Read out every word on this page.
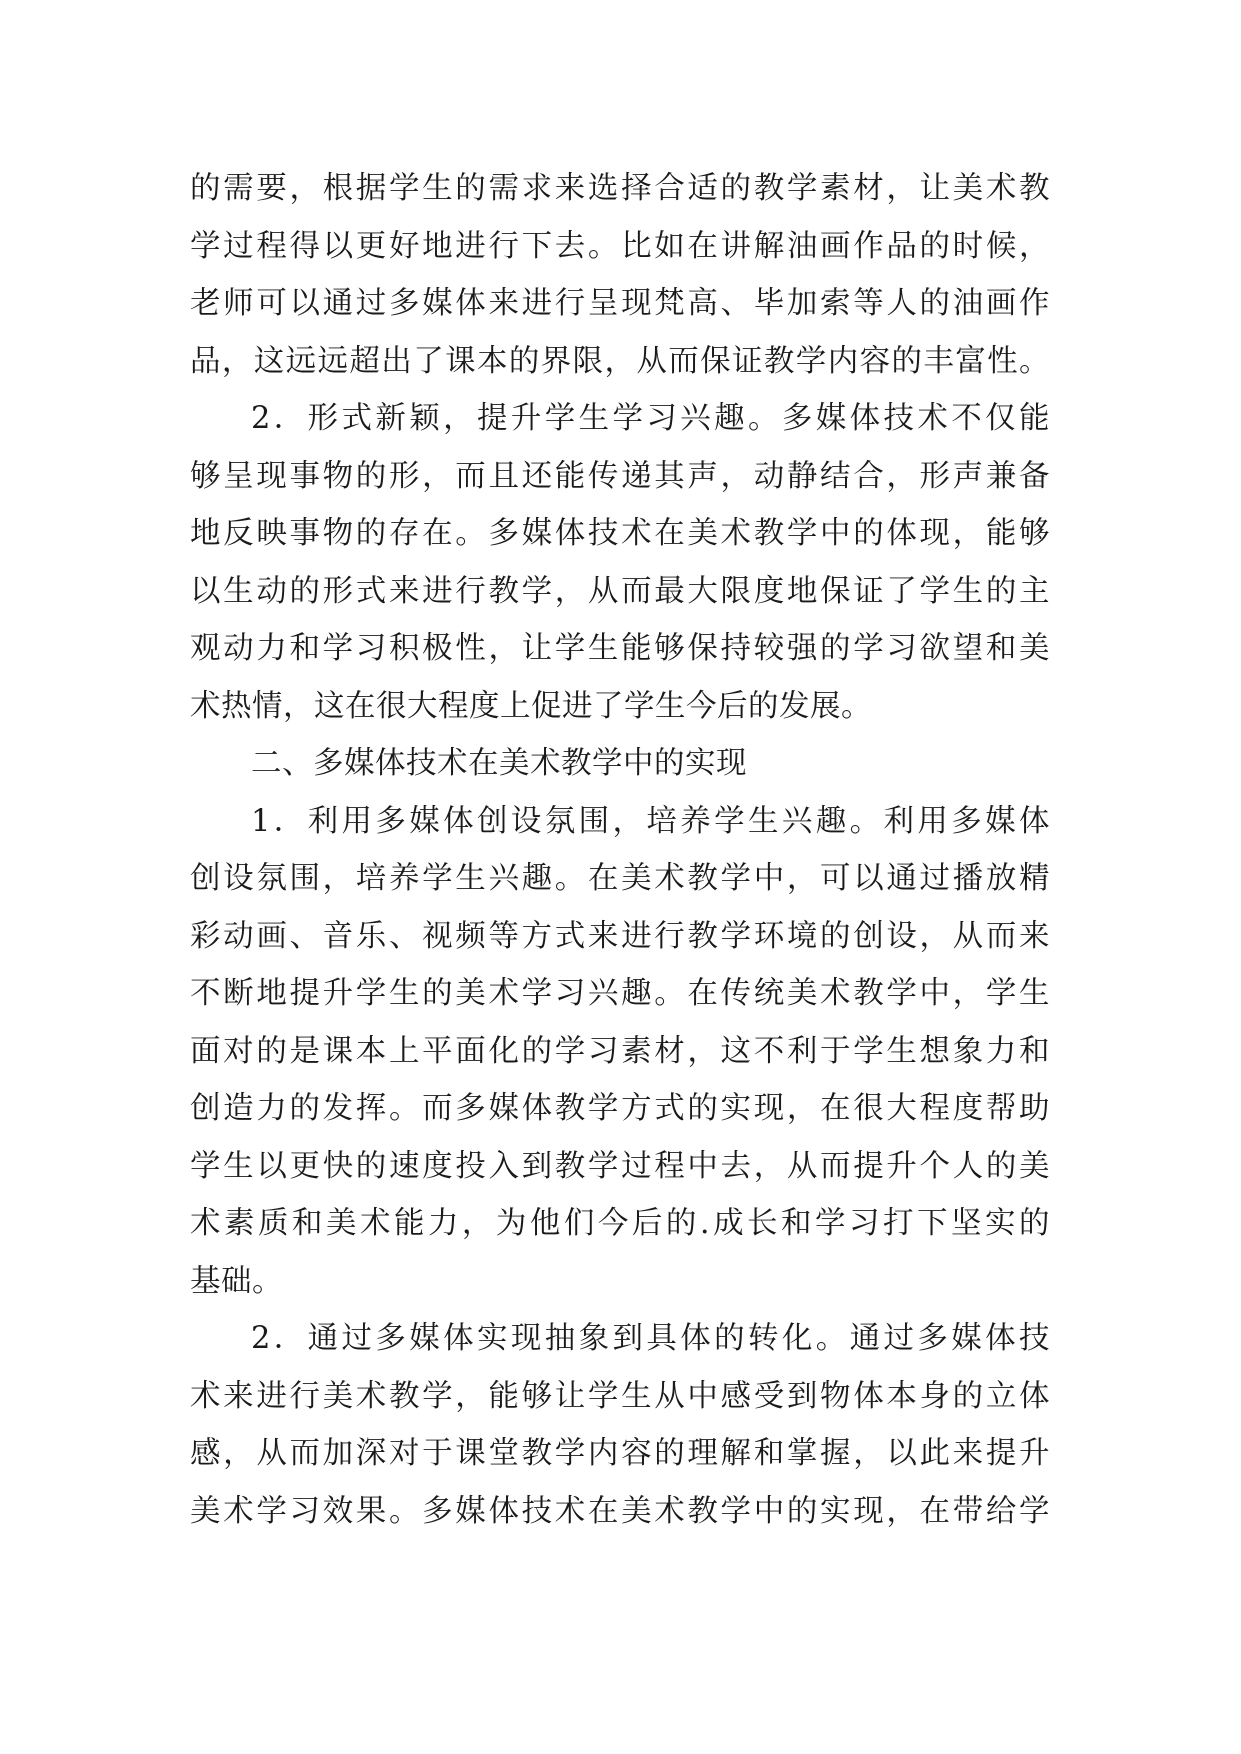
的需要，根据学生的需求来选择合适的教学素材，让美术教
学过程得以更好地进行下去。比如在讲解油画作品的时候，
老师可以通过多媒体来进行呈现梵高、毕加索等人的油画作
品，这远远超出了课本的界限，从而保证教学内容的丰富性。
2．形式新颖，提升学生学习兴趣。多媒体技术不仅能
够呈现事物的形，而且还能传递其声，动静结合，形声兼备
地反映事物的存在。多媒体技术在美术教学中的体现，能够
以生动的形式来进行教学，从而最大限度地保证了学生的主
观动力和学习积极性，让学生能够保持较强的学习欲望和美
术热情，这在很大程度上促进了学生今后的发展。
二、多媒体技术在美术教学中的实现
1．利用多媒体创设氛围，培养学生兴趣。利用多媒体
创设氛围，培养学生兴趣。在美术教学中，可以通过播放精
彩动画、音乐、视频等方式来进行教学环境的创设，从而来
不断地提升学生的美术学习兴趣。在传统美术教学中，学生
面对的是课本上平面化的学习素材，这不利于学生想象力和
创造力的发挥。而多媒体教学方式的实现，在很大程度帮助
学生以更快的速度投入到教学过程中去，从而提升个人的美
术素质和美术能力，为他们今后的.成长和学习打下坚实的
基础。
2．通过多媒体实现抽象到具体的转化。通过多媒体技
术来进行美术教学，能够让学生从中感受到物体本身的立体
感，从而加深对于课堂教学内容的理解和掌握，以此来提升
美术学习效果。多媒体技术在美术教学中的实现，在带给学
